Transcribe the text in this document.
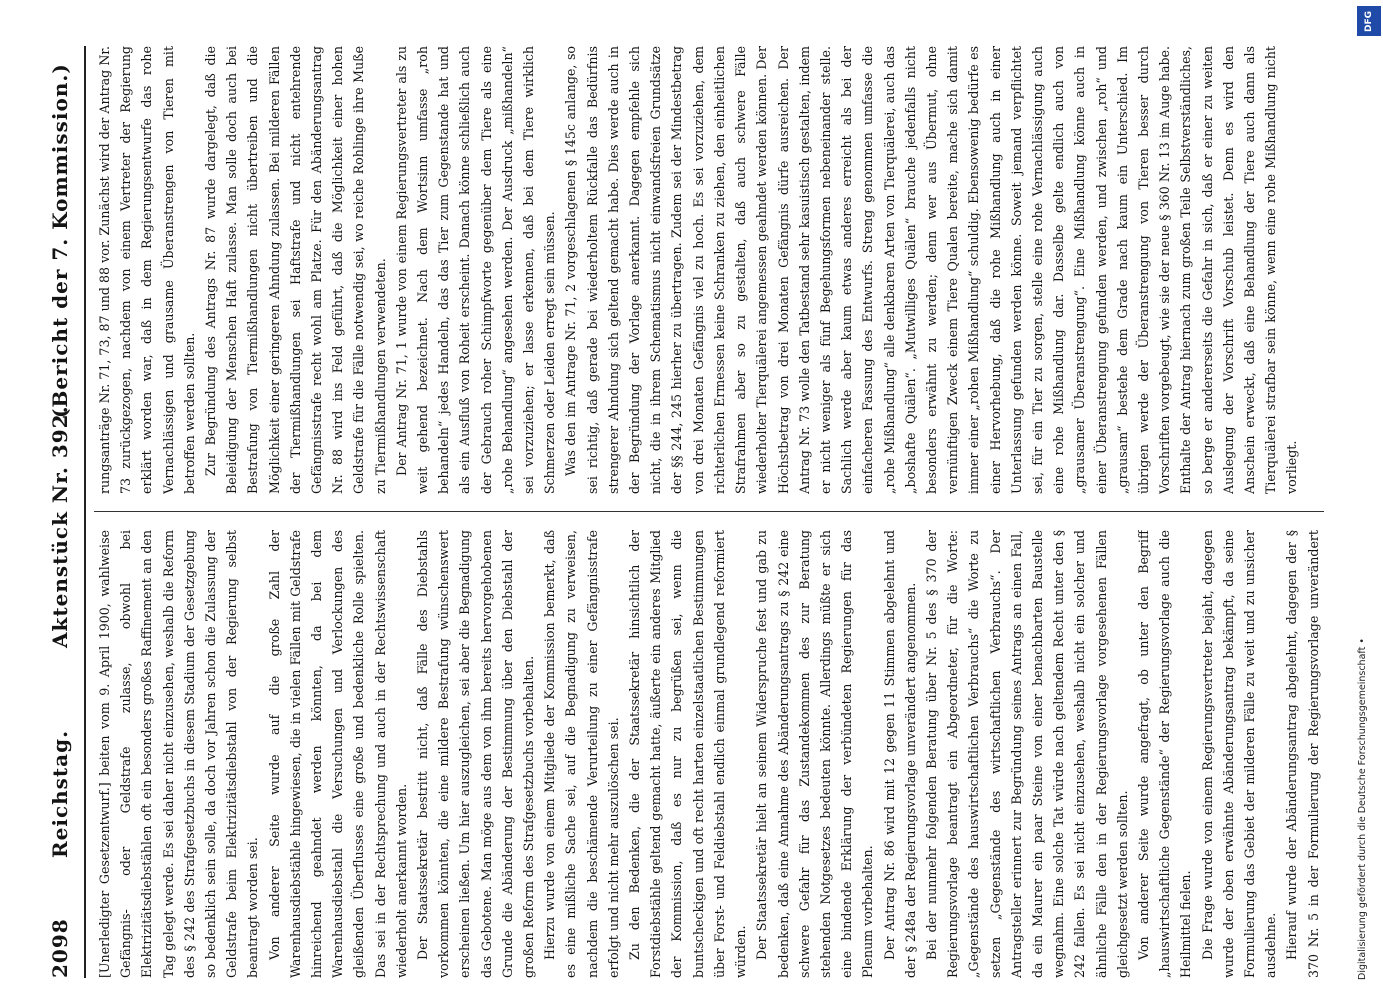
2098
Reichstag.
Aktenstück Nr. 392.
(Bericht der 7. Kommission.)

[Unerledigter Gesetzentwurf.] beiten vom 9. April 1900, wahlweise Gefängnis- oder Geldstrafe zulasse, obwohl bei Elektrizitätsdiebstählen oft ein besonders großes Raffinement an den Tag gelegt werde. Es sei daher nicht einzusehen, weshalb die Reform des § 242 des Strafgesetzbuchs in diesem Stadium der Gesetzgebung so bedenklich sein solle, da doch vor Jahren schon die Zulassung der Geldstrafe beim Elektrizitätsdiebstahl von der Regierung selbst beantragt worden sei. Von anderer Seite wurde auf die große Zahl der Warenhausdiebstähle hingewiesen, die in vielen Fällen mit Geldstrafe hinreichend geahndet werden könnten, da bei dem Warenhausdiebstahl die Versuchungen und Verlockungen des gleißenden Überflusses eine große und bedenkliche Rolle spielten. Das sei in der Rechtsprechung und auch in der Rechtswissenschaft wiederholt anerkannt worden. Der Staatssekretär bestritt nicht, daß Fälle des Diebstahls vorkommen könnten, die eine mildere Bestrafung wünschenswert erscheinen ließen. Um hier auszugleichen, sei aber die Begnadigung das Gebotene. Man möge aus dem von ihm bereits hervorgehobenen Grunde die Abänderung der Bestimmung über den Diebstahl der großen Reform des Strafgesetzbuchs vorbehalten. Hierzu wurde von einem Mitgliede der Kommission bemerkt, daß es eine mißliche Sache sei, auf die Begnadigung zu verweisen, nachdem die beschämende Verurteilung zu einer Gefängnisstrafe erfolgt und nicht mehr auszulöschen sei. Zu den Bedenken, die der Staatssekretär hinsichtlich der Forstdiebstähle geltend gemacht hatte, äußerte ein anderes Mitglied der Kommission, daß es nur zu begrüßen sei, wenn die buntscheckigen und oft recht harten einzelstaatlichen Bestimmungen über Forst- und Feldiebstahl endlich einmal grundlegend reformiert würden. Der Staatssekretär hielt an seinem Widerspruche fest und gab zu bedenken, daß eine Annahme des Abänderungsantrags zu § 242 eine schwere Gefahr für das Zustandekommen des zur Beratung stehenden Notgesetzes bedeuten könnte. Allerdings müßte er sich eine bindende Erklärung der verbündeten Regierungen für das Plenum vorbehalten. Der Antrag Nr. 86 wird mit 12 gegen 11 Stimmen abgelehnt und der § 248a der Regierungsvorlage unverändert angenommen. Bei der nunmehr folgenden Beratung über Nr. 5 des § 370 der Regierungsvorlage beantragt ein Abgeordneter, für die Worte: „Gegenstände des hauswirtschaftlichen Verbrauchs“ die Worte zu setzen „Gegenstände des wirtschaftlichen Verbrauchs“. Der Antragsteller erinnert zur Begründung seines Antrags an einen Fall, da ein Maurer ein paar Steine von einer benachbarten Baustelle wegnahm. Eine solche Tat würde nach geltendem Recht unter den § 242 fallen. Es sei nicht einzusehen, weshalb nicht ein solcher und ähnliche Fälle den in der Regierungsvorlage vorgesehenen Fällen gleichgesetzt werden sollten. Von anderer Seite wurde angefragt, ob unter den Begriff „hauswirtschaftliche Gegenstände“ der Regierungsvorlage auch die Heilmittel fielen. Die Frage wurde von einem Regierungsvertreter bejaht, dagegen wurde der oben erwähnte Abänderungsantrag bekämpft, da seine Formulierung das Gebiet der milderen Fälle zu weit und zu unsicher ausdehne. Hierauf wurde der Abänderungsantrag abgelehnt, dagegen der § 370 Nr. 5 in der Formulierung der Regierungsvorlage unverändert

rungsanträge Nr. 71, 73, 87 und 88 vor. Zunächst wird der Antrag Nr. 73 zurückgezogen, nachdem von einem Vertreter der Regierung erklärt worden war, daß in dem Regierungsentwurfe das rohe Vernachlässigen und grausame Überanstrengen von Tieren mit betroffen werden sollten. Zur Begründung des Antrags Nr. 87 wurde dargelegt, daß die Beleidigung der Menschen Haft zulasse. Man solle doch auch bei Bestrafung von Tiermißhandlungen nicht übertreiben und die Möglichkeit einer geringeren Ahndung zulassen. Bei milderen Fällen der Tiermißhandlungen sei Haftstrafe und nicht entehrende Gefängnisstrafe recht wohl am Platze. Für den Abänderungsantrag Nr. 88 wird ins Feld geführt, daß die Möglichkeit einer hohen Geldstrafe für die Fälle notwendig sei, wo reiche Rohlinge ihre Muße zu Tiermißhandlungen verwendeten. Der Antrag Nr. 71, 1 wurde von einem Regierungsvertreter als zu weit gehend bezeichnet. Nach dem Wortsinn umfasse „roh behandeln“ jedes Handeln, das das Tier zum Gegenstande hat und als ein Ausfluß von Roheit erscheint. Danach könne schließlich auch der Gebrauch roher Schimpfworte gegenüber dem Tiere als eine „rohe Behandlung“ angesehen werden. Der Ausdruck „mißhandeln“ sei vorzuziehen; er lasse erkennen, daß bei dem Tiere wirklich Schmerzen oder Leiden erregt sein müssen. Was den im Antrage Nr. 71, 2 vorgeschlagenen § 145c anlange, so sei richtig, daß gerade bei wiederholtem Rückfalle das Bedürfnis strengerer Ahndung sich geltend gemacht habe. Dies werde auch in der Begründung der Vorlage anerkannt. Dagegen empfehle sich nicht, die in ihrem Schematismus nicht einwandsfreien Grundsätze der §§ 244, 245 hierher zu übertragen. Zudem sei der Mindestbetrag von drei Monaten Gefängnis viel zu hoch. Es sei vorzuziehen, dem richterlichen Ermessen keine Schranken zu ziehen, den einheitlichen Strafrahmen aber so zu gestalten, daß auch schwere Fälle wiederholter Tierquälerei angemessen geahndet werden können. Der Höchstbetrag von drei Monaten Gefängnis dürfe ausreichen. Der Antrag Nr. 73 wolle den Tatbestand sehr kasuistisch gestalten, indem er nicht weniger als fünf Begehungsformen nebeneinander stelle. Sachlich werde aber kaum etwas anderes erreicht als bei der einfacheren Fassung des Entwurfs. Streng genommen umfasse die „rohe Mißhandlung“ alle denkbaren Arten von Tierquälerei, auch das „boshafte Quälen“. „Mutwilliges Quälen“ brauche jedenfalls nicht besonders erwähnt zu werden; denn wer aus Übermut, ohne vernünftigen Zweck einem Tiere Qualen bereite, mache sich damit immer einer „rohen Mißhandlung“ schuldig. Ebensowenig bedürfe es einer Hervorhebung, daß die rohe Mißhandlung auch in einer Unterlassung gefunden werden könne. Soweit jemand verpflichtet sei, für ein Tier zu sorgen, stelle eine rohe Vernachlässigung auch eine rohe Mißhandlung dar. Dasselbe gelte endlich auch von „grausamer Überanstrengung“. Eine Mißhandlung könne auch in einer Überanstrengung gefunden werden, und zwischen „roh“ und „grausam“ bestehe dem Grade nach kaum ein Unterschied. Im übrigen werde der Überanstrengung von Tieren besser durch Vorschriften vorgebeugt, wie sie der neue § 360 Nr. 13 im Auge habe. Enthalte der Antrag hiernach zum großen Teile Selbstverständliches, so berge er andererseits die Gefahr in sich, daß er einer zu weiten Auslegung der Vorschrift Vorschub leistet. Denn es wird den Anschein erweckt, daß eine Behandlung der Tiere auch dann als Tierquälerei strafbar sein könne, wenn eine rohe Mißhandlung nicht vorliegt.

DFG
Digitalisierung gefördert durch die Deutsche Forschungsgemeinschaft •
